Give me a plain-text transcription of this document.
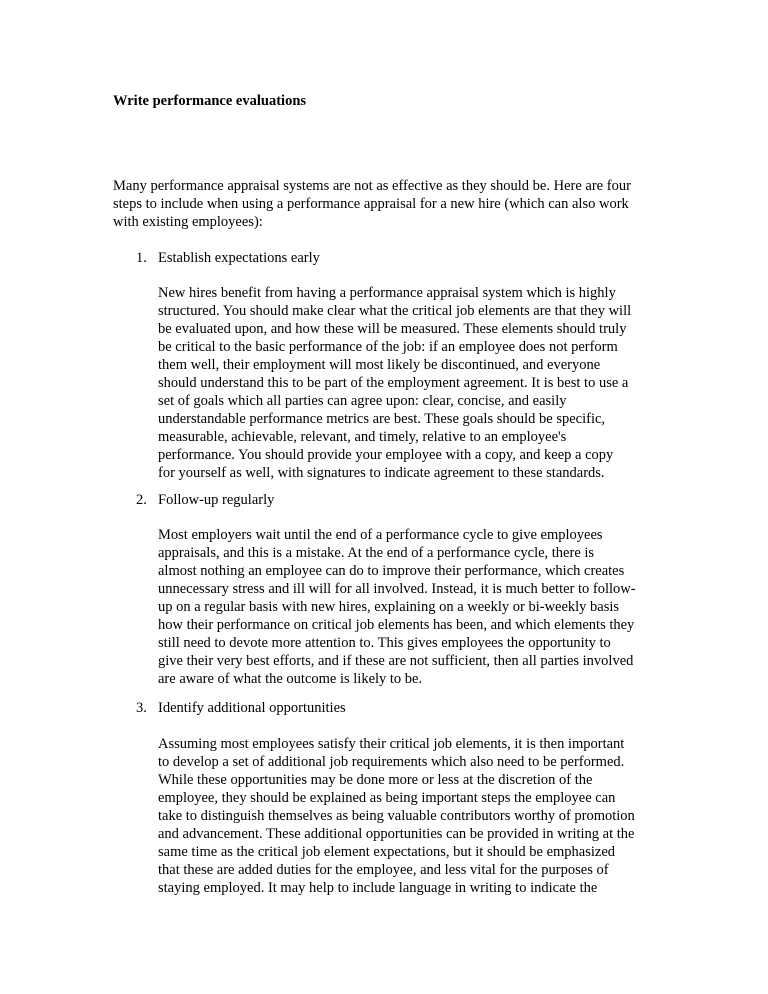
Write performance evaluations

Many performance appraisal systems are not as effective as they should be. Here are four
steps to include when using a performance appraisal for a new hire (which can also work
with existing employees):

1. Establish expectations early
New hires benefit from having a performance appraisal system which is highly
structured. You should make clear what the critical job elements are that they will
be evaluated upon, and how these will be measured. These elements should truly
be critical to the basic performance of the job: if an employee does not perform
them well, their employment will most likely be discontinued, and everyone
should understand this to be part of the employment agreement. It is best to use a
set of goals which all parties can agree upon: clear, concise, and easily
understandable performance metrics are best. These goals should be specific,
measurable, achievable, relevant, and timely, relative to an employee's
performance. You should provide your employee with a copy, and keep a copy
for yourself as well, with signatures to indicate agreement to these standards.
2. Follow-up regularly
Most employers wait until the end of a performance cycle to give employees
appraisals, and this is a mistake. At the end of a performance cycle, there is
almost nothing an employee can do to improve their performance, which creates
unnecessary stress and ill will for all involved. Instead, it is much better to follow-
up on a regular basis with new hires, explaining on a weekly or bi-weekly basis
how their performance on critical job elements has been, and which elements they
still need to devote more attention to. This gives employees the opportunity to
give their very best efforts, and if these are not sufficient, then all parties involved
are aware of what the outcome is likely to be.
3. Identify additional opportunities
Assuming most employees satisfy their critical job elements, it is then important
to develop a set of additional job requirements which also need to be performed.
While these opportunities may be done more or less at the discretion of the
employee, they should be explained as being important steps the employee can
take to distinguish themselves as being valuable contributors worthy of promotion
and advancement. These additional opportunities can be provided in writing at the
same time as the critical job element expectations, but it should be emphasized
that these are added duties for the employee, and less vital for the purposes of
staying employed. It may help to include language in writing to indicate the
